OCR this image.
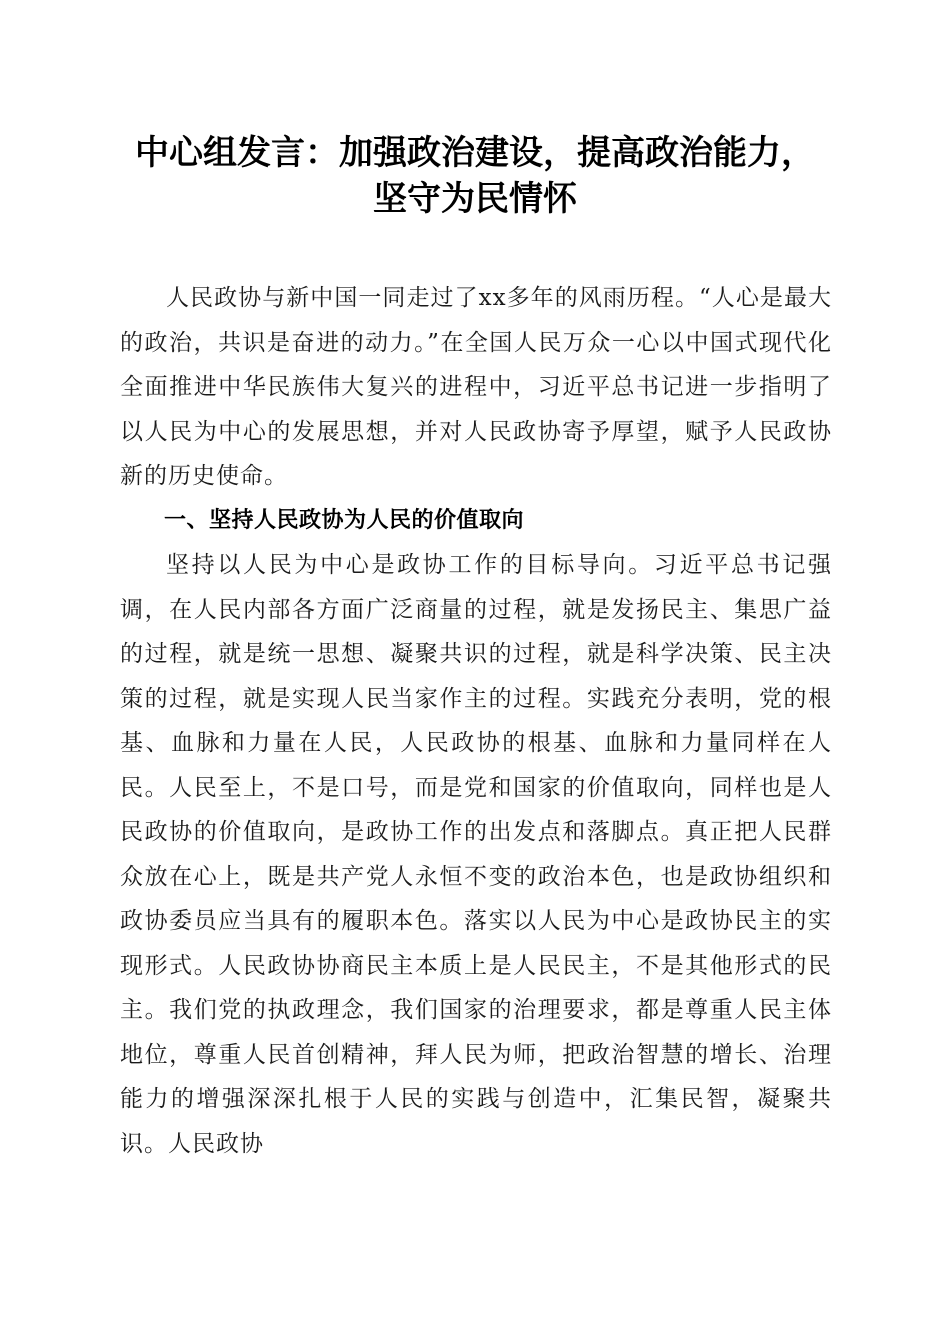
中心组发言：加强政治建设，提高政治能力，
坚守为民情怀

人民政协与新中国一同走过了xx多年的风雨历程。“人心是最大的政治，共识是奋进的动力。”在全国人民万众一心以中国式现代化全面推进中华民族伟大复兴的进程中，习近平总书记进一步指明了以人民为中心的发展思想，并对人民政协寄予厚望，赋予人民政协新的历史使命。

一、坚持人民政协为人民的价值取向

坚持以人民为中心是政协工作的目标导向。习近平总书记强调，在人民内部各方面广泛商量的过程，就是发扬民主、集思广益的过程，就是统一思想、凝聚共识的过程，就是科学决策、民主决策的过程，就是实现人民当家作主的过程。实践充分表明，党的根基、血脉和力量在人民，人民政协的根基、血脉和力量同样在人民。人民至上，不是口号，而是党和国家的价值取向，同样也是人民政协的价值取向，是政协工作的出发点和落脚点。真正把人民群众放在心上，既是共产党人永恒不变的政治本色，也是政协组织和政协委员应当具有的履职本色。落实以人民为中心是政协民主的实现形式。人民政协协商民主本质上是人民民主，不是其他形式的民主。我们党的执政理念，我们国家的治理要求，都是尊重人民主体地位，尊重人民首创精神，拜人民为师，把政治智慧的增长、治理能力的增强深深扎根于人民的实践与创造中，汇集民智，凝聚共识。人民政协
